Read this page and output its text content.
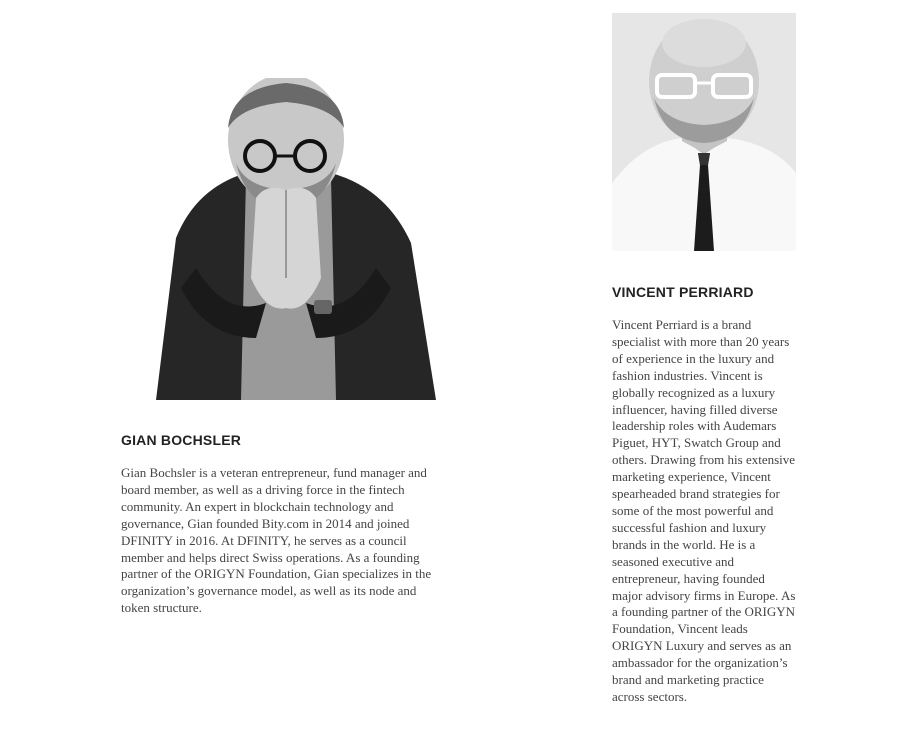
GIAN BOCHSLER

Gian Bochsler is a veteran entrepreneur, fund manager and board member, as well as a driving force in the fintech community. An expert in blockchain technology and governance, Gian founded Bity.com in 2014 and joined DFINITY in 2016. At DFINITY, he serves as a council member and helps direct Swiss operations. As a founding partner of the ORIGYN Foundation, Gian specializes in the organization’s governance model, as well as its node and token structure.

VINCENT PERRIARD

Vincent Perriard is a brand specialist with more than 20 years of experience in the luxury and fashion industries. Vincent is globally recognized as a luxury influencer, having filled diverse leadership roles with Audemars Piguet, HYT, Swatch Group and others. Drawing from his extensive marketing experience, Vincent spearheaded brand strategies for some of the most powerful and successful fashion and luxury brands in the world. He is a seasoned executive and entrepreneur, having founded major advisory firms in Europe. As a founding partner of the ORIGYN Foundation, Vincent leads ORIGYN Luxury and serves as an ambassador for the organization’s brand and marketing practice across sectors.
